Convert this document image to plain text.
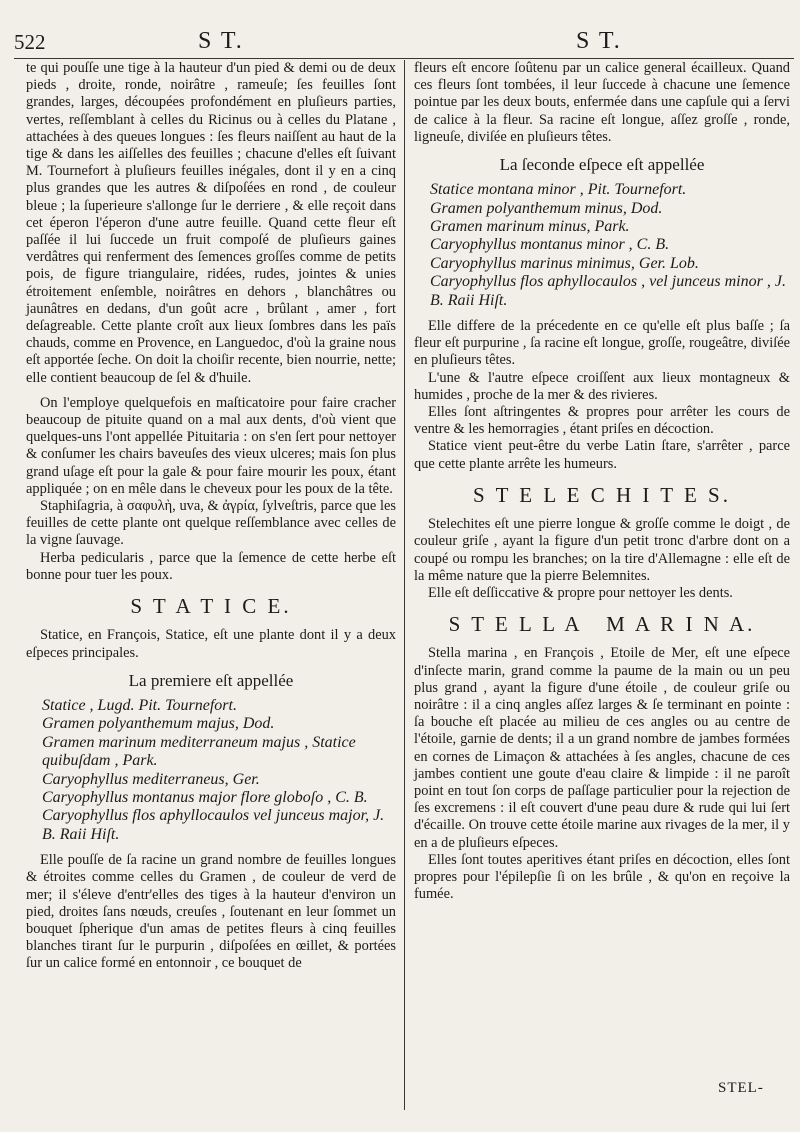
522	S T.	S T.

te qui pouſſe une tige à la hauteur d'un pied & demi ou de deux pieds , droite, ronde, noirâtre , rameuſe; ſes feuilles ſont grandes, larges, découpées profondément en pluſieurs parties, vertes, reſſemblant à celles du Ricinus ou à celles du Platane , attachées à des queues longues : ſes fleurs naiſſent au haut de la tige & dans les aiſſelles des feuilles ; chacune d'elles eſt ſuivant M. Tournefort à pluſieurs feuilles inégales, dont il y en a cinq plus grandes que les autres & diſpoſées en rond , de couleur bleue ; la ſuperieure s'allonge ſur le derriere , & elle reçoit dans cet éperon l'éperon d'une autre feuille. Quand cette fleur eſt paſſée il lui ſuccede un fruit compoſé de pluſieurs gaines verdâtres qui renferment des ſemences groſſes comme de petits pois, de figure triangulaire, ridées, rudes, jointes & unies étroitement enſemble, noirâtres en dehors , blanchâtres ou jaunâtres en dedans, d'un goût acre , brûlant , amer , fort deſagreable. Cette plante croît aux lieux ſombres dans les païs chauds, comme en Provence, en Languedoc, d'où la graine nous eſt apportée ſeche. On doit la choiſir recente, bien nourrie, nette; elle contient beaucoup de ſel & d'huile.

On l'employe quelquefois en maſticatoire pour faire cracher beaucoup de pituite quand on a mal aux dents, d'où vient que quelques-uns l'ont appellée Pituitaria : on s'en ſert pour nettoyer & conſumer les chairs baveuſes des vieux ulceres; mais ſon plus grand uſage eſt pour la gale & pour faire mourir les poux, étant appliquée ; on en mêle dans le cheveux pour les poux de la tête.

Staphiſagria, à σαφυλὴ, uva, & ἀγρία, ſylveſtris, parce que les feuilles de cette plante ont quelque reſſemblance avec celles de la vigne ſauvage.

Herba pedicularis , parce que la ſemence de cette herbe eſt bonne pour tuer les poux.

S T A T I C E.

Statice, en François, Statice, eſt une plante dont il y a deux eſpeces principales.

La premiere eſt appellée
Statice , Lugd. Pit. Tournefort.
Gramen polyanthemum majus, Dod.
Gramen marinum mediterraneum majus , Statice quibuſdam , Park.
Caryophyllus mediterraneus, Ger.
Caryophyllus montanus major flore globoſo , C. B.
Caryophyllus flos aphyllocaulos vel junceus major, J. B. Raii Hiſt.

Elle pouſſe de ſa racine un grand nombre de feuilles longues & étroites comme celles du Gramen , de couleur de verd de mer; il s'éleve d'entr'elles des tiges à la hauteur d'environ un pied, droites ſans nœuds, creuſes , ſoutenant en leur ſommet un bouquet ſpherique d'un amas de petites fleurs à cinq feuilles blanches tirant ſur le purpurin , diſpoſées en œillet, & portées ſur un calice formé en entonnoir , ce bouquet de

fleurs eſt encore ſoûtenu par un calice general écailleux. Quand ces fleurs ſont tombées, il leur ſuccede à chacune une ſemence pointue par les deux bouts, enfermée dans une capſule qui a ſervi de calice à la fleur. Sa racine eſt longue, aſſez groſſe , ronde, ligneuſe, diviſée en pluſieurs têtes.

La ſeconde eſpece eſt appellée
Statice montana minor , Pit. Tournefort.
Gramen polyanthemum minus, Dod.
Gramen marinum minus, Park.
Caryophyllus montanus minor , C. B.
Caryophyllus marinus minimus, Ger. Lob.
Caryophyllus flos aphyllocaulos , vel junceus minor , J. B. Raii Hiſt.

Elle differe de la précedente en ce qu'elle eſt plus baſſe ; ſa fleur eſt purpurine , ſa racine eſt longue, groſſe, rougeâtre, diviſée en pluſieurs têtes.

L'une & l'autre eſpece croiſſent aux lieux montagneux & humides , proche de la mer & des rivieres.

Elles ſont aſtringentes & propres pour arrêter les cours de ventre & les hemorragies , étant priſes en décoction.

Statice vient peut-être du verbe Latin ſtare, s'arrêter , parce que cette plante arrête les humeurs.

S T E L E C H I T E S.

Stelechites eſt une pierre longue & groſſe comme le doigt , de couleur griſe , ayant la figure d'un petit tronc d'arbre dont on a coupé ou rompu les branches; on la tire d'Allemagne : elle eſt de la même nature que la pierre Belemnites.

Elle eſt deſſiccative & propre pour nettoyer les dents.

S T E L L A   M A R I N A.

Stella marina , en François , Etoile de Mer, eſt une eſpece d'inſecte marin, grand comme la paume de la main ou un peu plus grand , ayant la figure d'une étoile , de couleur griſe ou noirâtre : il a cinq angles aſſez larges & ſe terminant en pointe : ſa bouche eſt placée au milieu de ces angles ou au centre de l'étoile, garnie de dents; il a un grand nombre de jambes formées en cornes de Limaçon & attachées à ſes angles, chacune de ces jambes contient une goute d'eau claire & limpide : il ne paroît point en tout ſon corps de paſſage particulier pour la rejection de ſes excremens : il eſt couvert d'une peau dure & rude qui lui ſert d'écaille. On trouve cette étoile marine aux rivages de la mer, il y en a de pluſieurs eſpeces.

Elles ſont toutes aperitives étant priſes en décoction, elles ſont propres pour l'épilepſie ſi on les brûle , & qu'on en reçoive la fumée.

STEL-
